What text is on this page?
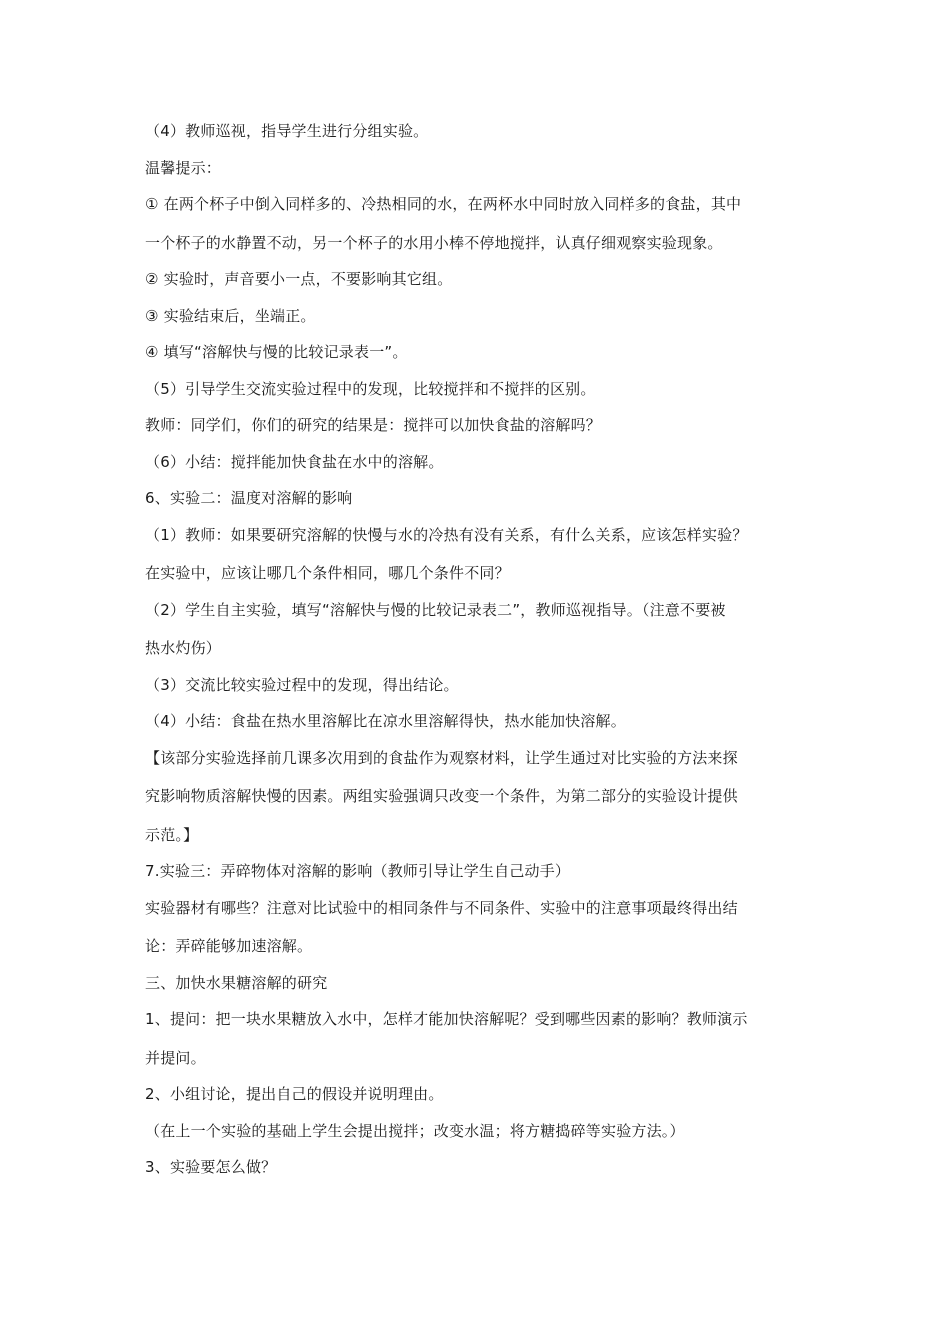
（4）教师巡视，指导学生进行分组实验。

温馨提示：

① 在两个杯子中倒入同样多的、冷热相同的水，在两杯水中同时放入同样多的食盐，其中
一个杯子的水静置不动，另一个杯子的水用小棒不停地搅拌，认真仔细观察实验现象。

② 实验时，声音要小一点，不要影响其它组。

③ 实验结束后，坐端正。

④ 填写“溶解快与慢的比较记录表一”。

（5）引导学生交流实验过程中的发现，比较搅拌和不搅拌的区别。

教师：同学们，你们的研究的结果是：搅拌可以加快食盐的溶解吗？

（6）小结：搅拌能加快食盐在水中的溶解。

6、实验二：温度对溶解的影响

（1）教师：如果要研究溶解的快慢与水的冷热有没有关系，有什么关系，应该怎样实验？
在实验中，应该让哪几个条件相同，哪几个条件不同？

（2）学生自主实验，填写“溶解快与慢的比较记录表二”，教师巡视指导。（注意不要被
热水灼伤）

（3）交流比较实验过程中的发现，得出结论。

（4）小结：食盐在热水里溶解比在凉水里溶解得快，热水能加快溶解。

【该部分实验选择前几课多次用到的食盐作为观察材料，让学生通过对比实验的方法来探
究影响物质溶解快慢的因素。两组实验强调只改变一个条件，为第二部分的实验设计提供
示范。】

7.实验三：弄碎物体对溶解的影响（教师引导让学生自己动手）

实验器材有哪些？注意对比试验中的相同条件与不同条件、实验中的注意事项最终得出结
论：弄碎能够加速溶解。

三、加快水果糖溶解的研究

1、提问：把一块水果糖放入水中，怎样才能加快溶解呢？受到哪些因素的影响？教师演示
并提问。

2、小组讨论，提出自己的假设并说明理由。

（在上一个实验的基础上学生会提出搅拌；改变水温；将方糖捣碎等实验方法。）

3、实验要怎么做？
